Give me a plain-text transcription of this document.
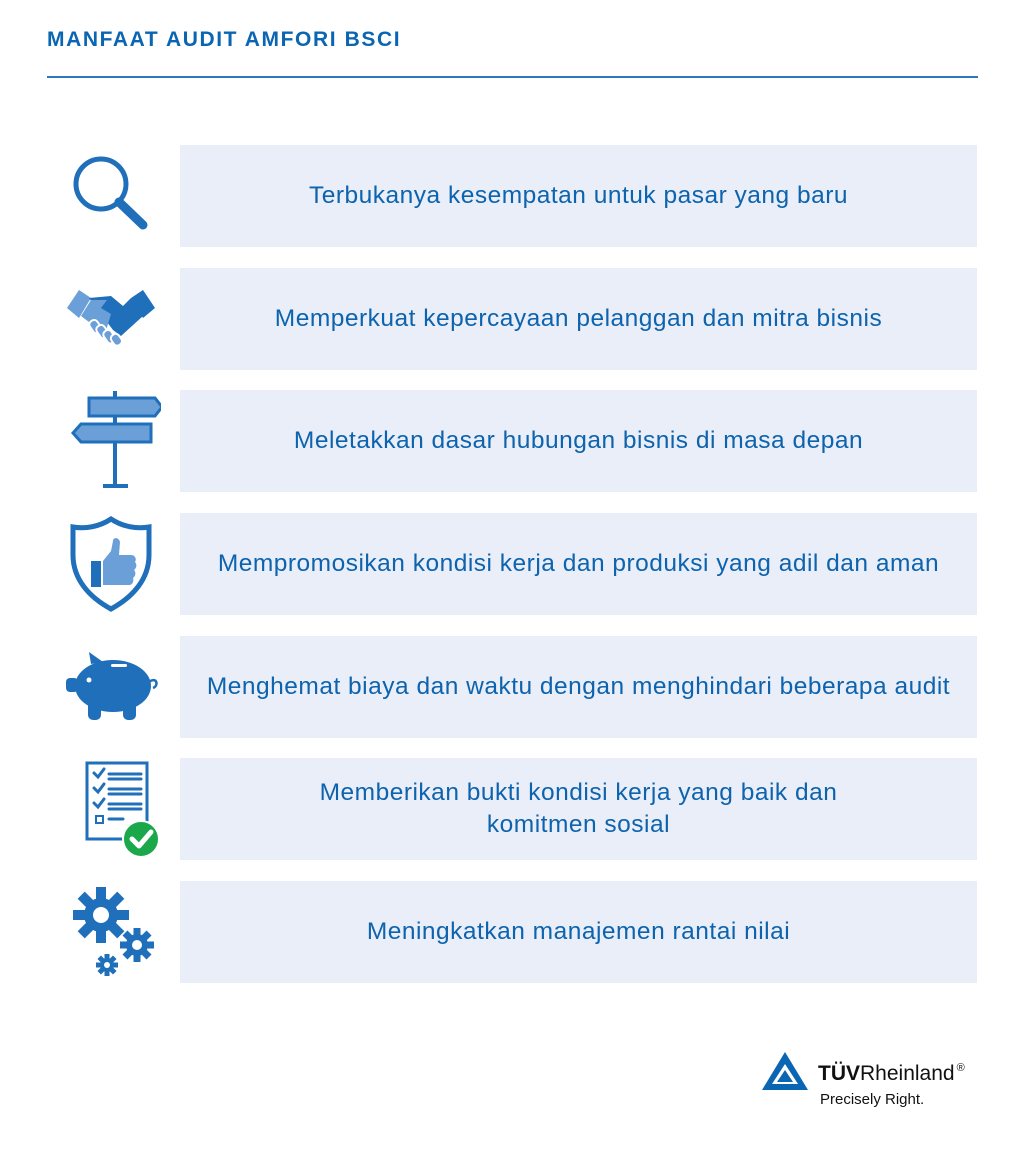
MANFAAT AUDIT AMFORI BSCI
Terbukanya kesempatan untuk pasar yang baru
Memperkuat kepercayaan pelanggan dan mitra bisnis
Meletakkan dasar hubungan bisnis di masa depan
Mempromosikan kondisi kerja dan produksi yang adil dan aman
Menghemat biaya dan waktu dengan menghindari beberapa audit
Memberikan bukti kondisi kerja yang baik dan komitmen sosial
Meningkatkan manajemen rantai nilai
TÜVRheinland ®
Precisely Right.
